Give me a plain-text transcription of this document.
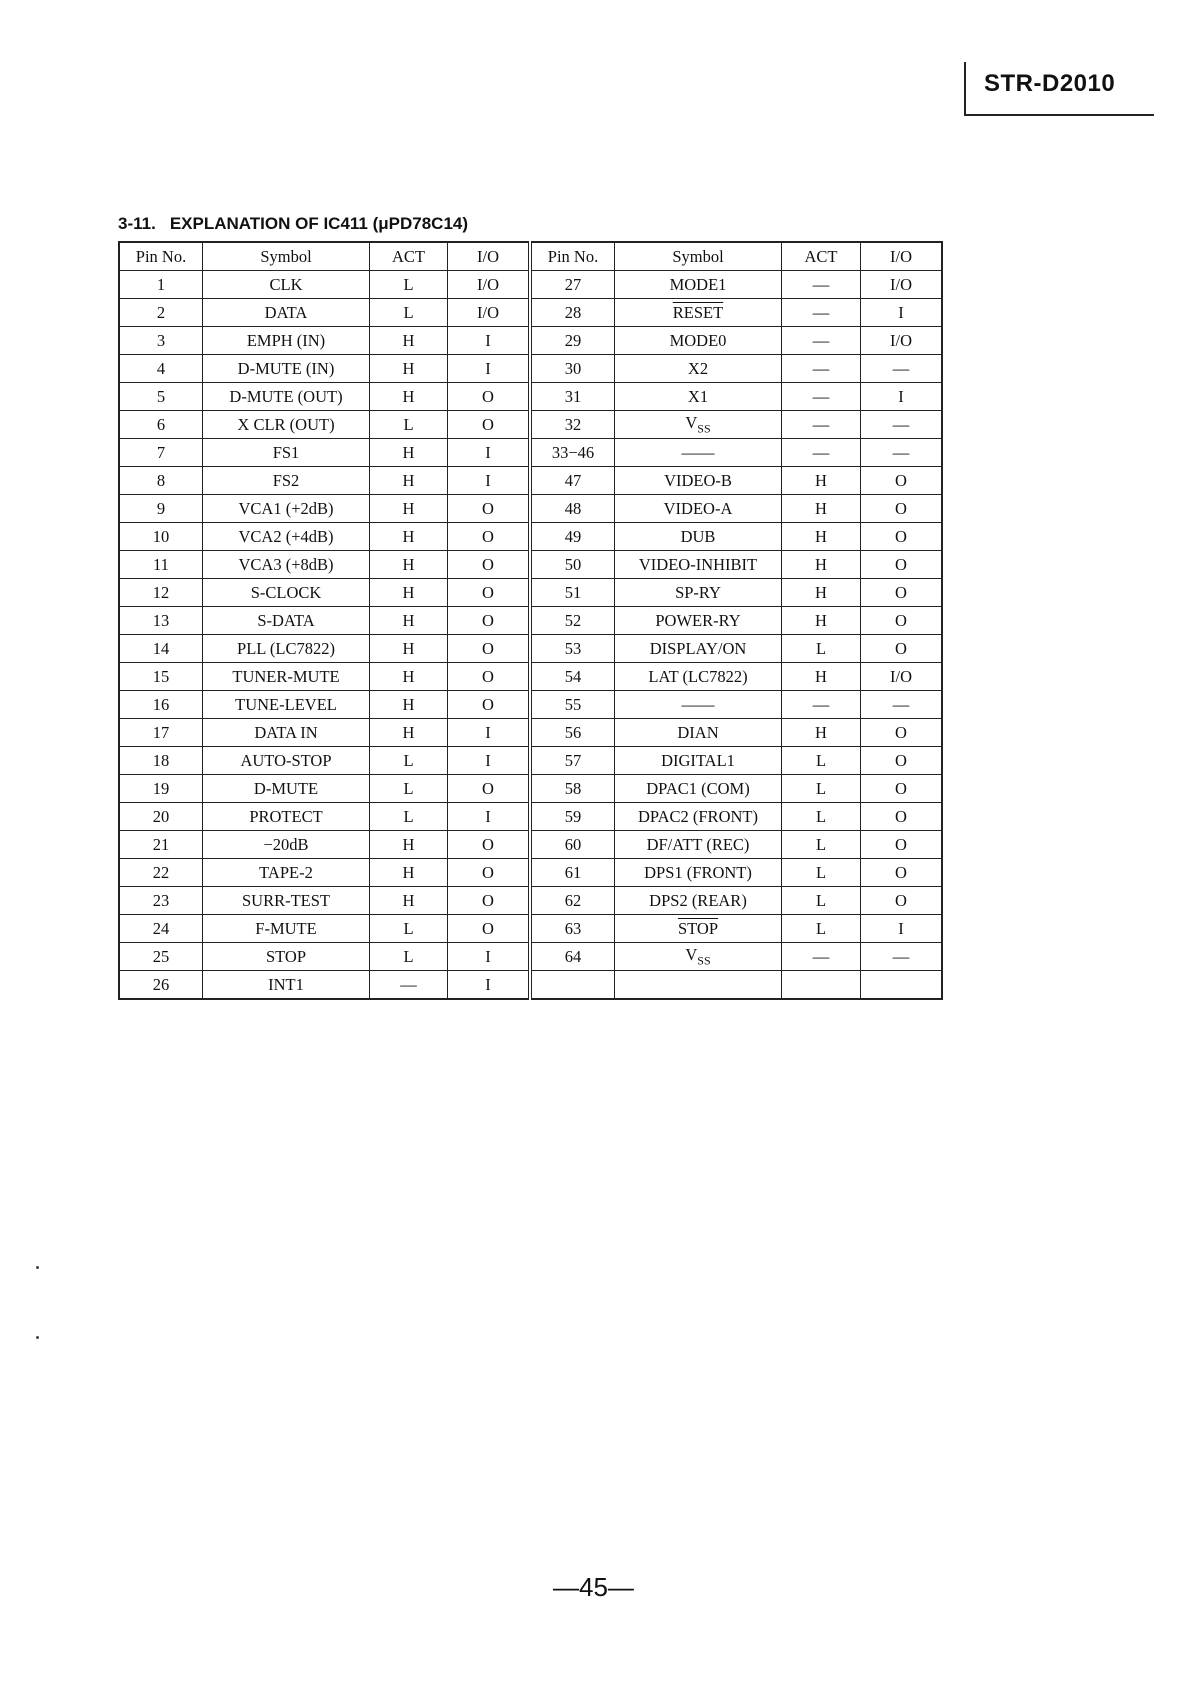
STR-D2010
3-11. EXPLANATION OF IC411 (μPD78C14)
Pin No.	Symbol	ACT	I/O	Pin No.	Symbol	ACT	I/O
1	CLK	L	I/O	27	MODE1	—	I/O
2	DATA	L	I/O	28	RESET	—	I
3	EMPH (IN)	H	I	29	MODE0	—	I/O
4	D-MUTE (IN)	H	I	30	X2	—	—
5	D-MUTE (OUT)	H	O	31	X1	—	I
6	X CLR (OUT)	L	O	32	$V_{SS}$	—	—
7	FS1	H	I	33−46	——	—	—
8	FS2	H	I	47	VIDEO-B	H	O
9	VCA1 (+2dB)	H	O	48	VIDEO-A	H	O
10	VCA2 (+4dB)	H	O	49	DUB	H	O
11	VCA3 (+8dB)	H	O	50	VIDEO-INHIBIT	H	O
12	S-CLOCK	H	O	51	SP-RY	H	O
13	S-DATA	H	O	52	POWER-RY	H	O
14	PLL (LC7822)	H	O	53	DISPLAY/ON	L	O
15	TUNER-MUTE	H	O	54	LAT (LC7822)	H	I/O
16	TUNE-LEVEL	H	O	55	——	—	—
17	DATA IN	H	I	56	DIAN	H	O
18	AUTO-STOP	L	I	57	DIGITAL1	L	O
19	D-MUTE	L	O	58	DPAC1 (COM)	L	O
20	PROTECT	L	I	59	DPAC2 (FRONT)	L	O
21	−20dB	H	O	60	DF/ATT (REC)	L	O
22	TAPE-2	H	O	61	DPS1 (FRONT)	L	O
23	SURR-TEST	H	O	62	DPS2 (REAR)	L	O
24	F-MUTE	L	O	63	STOP	L	I
25	STOP	L	I	64	$V_{SS}$	—	—
26	INT1	—	I				
—45—
